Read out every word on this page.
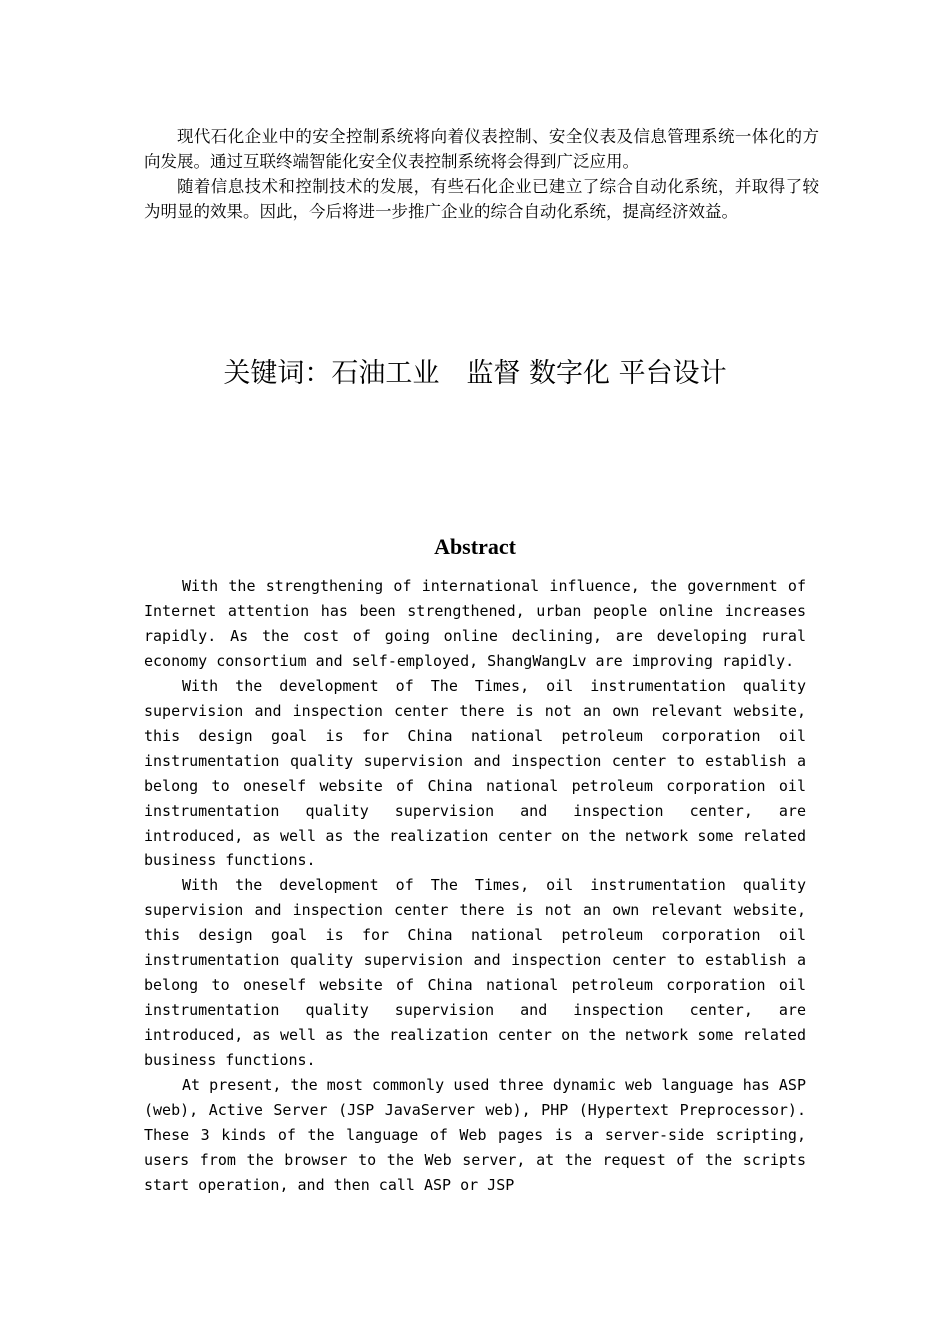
现代石化企业中的安全控制系统将向着仪表控制、安全仪表及信息管理系统一体化的方向发展。通过互联终端智能化安全仪表控制系统将会得到广泛应用。

随着信息技术和控制技术的发展，有些石化企业已建立了综合自动化系统，并取得了较为明显的效果。因此，今后将进一步推广企业的综合自动化系统，提高经济效益。

关键词：石油工业　监督 数字化 平台设计
Abstract

With the strengthening of international influence, the government of Internet attention has been strengthened, urban people online increases rapidly. As the cost of going online declining, are developing rural economy consortium and self-employed, ShangWangLv are improving rapidly.

With the development of The Times, oil instrumentation quality supervision and inspection center there is not an own relevant website, this design goal is for China national petroleum corporation oil instrumentation quality supervision and inspection center to establish a belong to oneself website of China national petroleum corporation oil instrumentation quality supervision and inspection center, are introduced, as well as the realization center on the network some related business functions.

With the development of The Times, oil instrumentation quality supervision and inspection center there is not an own relevant website, this design goal is for China national petroleum corporation oil instrumentation quality supervision and inspection center to establish a belong to oneself website of China national petroleum corporation oil instrumentation quality supervision and inspection center, are introduced, as well as the realization center on the network some related business functions.

At present, the most commonly used three dynamic web language has ASP (web), Active Server (JSP JavaServer web), PHP (Hypertext Preprocessor). These 3 kinds of the language of Web pages is a server-side scripting, users from the browser to the Web server, at the request of the scripts start operation, and then call ASP or JSP
